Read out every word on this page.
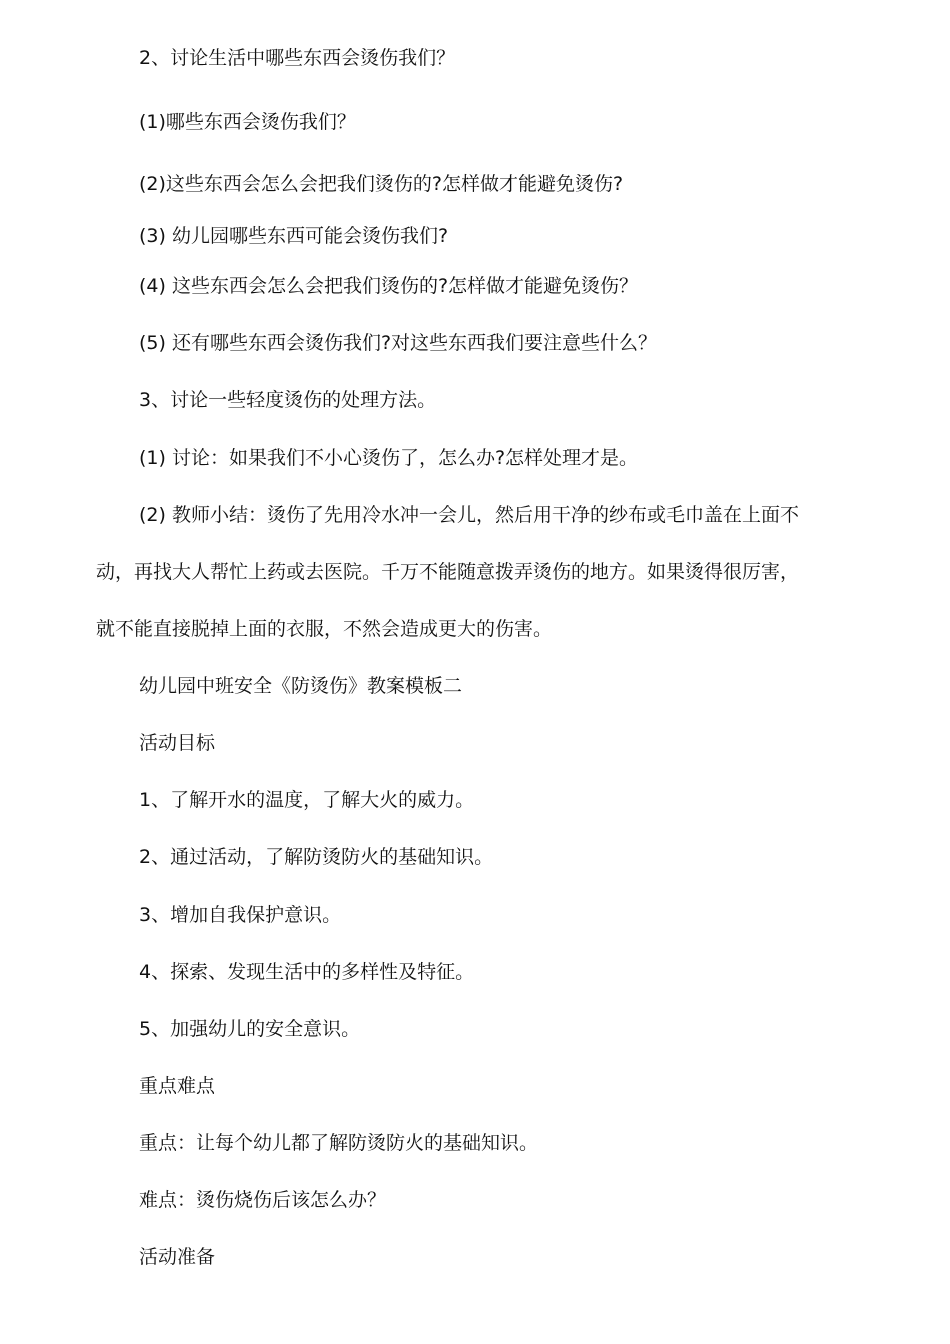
2、讨论生活中哪些东西会烫伤我们？
(1)哪些东西会烫伤我们？
(2)这些东西会怎么会把我们烫伤的?怎样做才能避免烫伤?
(3) 幼儿园哪些东西可能会烫伤我们?
(4) 这些东西会怎么会把我们烫伤的?怎样做才能避免烫伤？
(5) 还有哪些东西会烫伤我们?对这些东西我们要注意些什么？
3、讨论一些轻度烫伤的处理方法。
(1) 讨论：如果我们不小心烫伤了，怎么办?怎样处理才是。
(2) 教师小结：烫伤了先用冷水冲一会儿，然后用干净的纱布或毛巾盖在上面不
动，再找大人帮忙上药或去医院。千万不能随意拨弄烫伤的地方。如果烫得很厉害，
就不能直接脱掉上面的衣服，不然会造成更大的伤害。
幼儿园中班安全《防烫伤》教案模板二
活动目标
1、了解开水的温度，了解大火的威力。
2、通过活动，了解防烫防火的基础知识。
3、增加自我保护意识。
4、探索、发现生活中的多样性及特征。
5、加强幼儿的安全意识。
重点难点
重点：让每个幼儿都了解防烫防火的基础知识。
难点：烫伤烧伤后该怎么办？
活动准备
